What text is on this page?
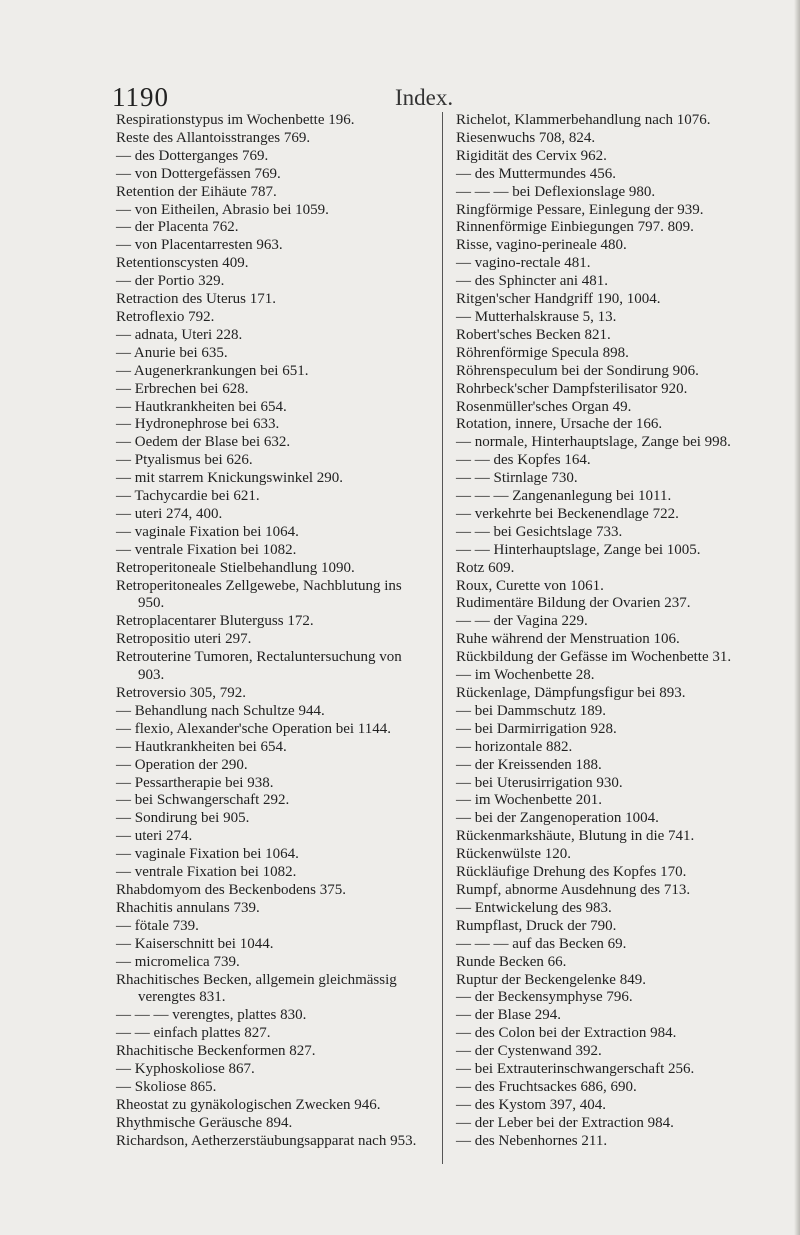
1190	Index.
Respirationstypus im Wochenbette 196.
Reste des Allantoisstranges 769.
— des Dotterganges 769.
— von Dottergefässen 769.
Retention der Eihäute 787.
— von Eitheilen, Abrasio bei 1059.
— der Placenta 762.
— von Placentarresten 963.
Retentionscysten 409.
— der Portio 329.
Retraction des Uterus 171.
Retroflexio 792.
— adnata, Uteri 228.
— Anurie bei 635.
— Augenerkrankungen bei 651.
— Erbrechen bei 628.
— Hautkrankheiten bei 654.
— Hydronephrose bei 633.
— Oedem der Blase bei 632.
— Ptyalismus bei 626.
— mit starrem Knickungswinkel 290.
— Tachycardie bei 621.
— uteri 274, 400.
— vaginale Fixation bei 1064.
— ventrale Fixation bei 1082.
Retroperitoneale Stielbehandlung 1090.
Retroperitoneales Zellgewebe, Nachblutung ins 950.
Retroplacentarer Bluterguss 172.
Retropositio uteri 297.
Retrouterine Tumoren, Rectaluntersuchung von 903.
Retroversio 305, 792.
— Behandlung nach Schultze 944.
— flexio, Alexander'sche Operation bei 1144.
— Hautkrankheiten bei 654.
— Operation der 290.
— Pessartherapie bei 938.
— bei Schwangerschaft 292.
— Sondirung bei 905.
— uteri 274.
— vaginale Fixation bei 1064.
— ventrale Fixation bei 1082.
Rhabdomyom des Beckenbodens 375.
Rhachitis annulans 739.
— fötale 739.
— Kaiserschnitt bei 1044.
— micromelica 739.
Rhachitisches Becken, allgemein gleichmässig verengtes 831.
— — — verengtes, plattes 830.
— — einfach plattes 827.
Rhachitische Beckenformen 827.
— Kyphoskoliose 867.
— Skoliose 865.
Rheostat zu gynäkologischen Zwecken 946.
Rhythmische Geräusche 894.
Richardson, Aetherzerstäubungsapparat nach 953.
Richelot, Klammerbehandlung nach 1076.
Riesenwuchs 708, 824.
Rigidität des Cervix 962.
— des Muttermundes 456.
— — — bei Deflexionslage 980.
Ringförmige Pessare, Einlegung der 939.
Rinnenförmige Einbiegungen 797. 809.
Risse, vagino-perineale 480.
— vagino-rectale 481.
— des Sphincter ani 481.
Ritgen'scher Handgriff 190, 1004.
— Mutterhalskrause 5, 13.
Robert'sches Becken 821.
Röhrenförmige Specula 898.
Röhrenspeculum bei der Sondirung 906.
Rohrbeck'scher Dampfsterilisator 920.
Rosenmüller'sches Organ 49.
Rotation, innere, Ursache der 166.
— normale, Hinterhauptslage, Zange bei 998.
— — des Kopfes 164.
— — Stirnlage 730.
— — — Zangenanlegung bei 1011.
— verkehrte bei Beckenendlage 722.
— — bei Gesichtslage 733.
— — Hinterhauptslage, Zange bei 1005.
Rotz 609.
Roux, Curette von 1061.
Rudimentäre Bildung der Ovarien 237.
— — der Vagina 229.
Ruhe während der Menstruation 106.
Rückbildung der Gefässe im Wochenbette 31.
— im Wochenbette 28.
Rückenlage, Dämpfungsfigur bei 893.
— bei Dammschutz 189.
— bei Darmirrigation 928.
— horizontale 882.
— der Kreissenden 188.
— bei Uterusirrigation 930.
— im Wochenbette 201.
— bei der Zangenoperation 1004.
Rückenmarkshäute, Blutung in die 741.
Rückenwülste 120.
Rückläufige Drehung des Kopfes 170.
Rumpf, abnorme Ausdehnung des 713.
— Entwickelung des 983.
Rumpflast, Druck der 790.
— — — auf das Becken 69.
Runde Becken 66.
Ruptur der Beckengelenke 849.
— der Beckensymphyse 796.
— der Blase 294.
— des Colon bei der Extraction 984.
— der Cystenwand 392.
— bei Extrauterinschwangerschaft 256.
— des Fruchtsackes 686, 690.
— des Kystom 397, 404.
— der Leber bei der Extraction 984.
— des Nebenhornes 211.
